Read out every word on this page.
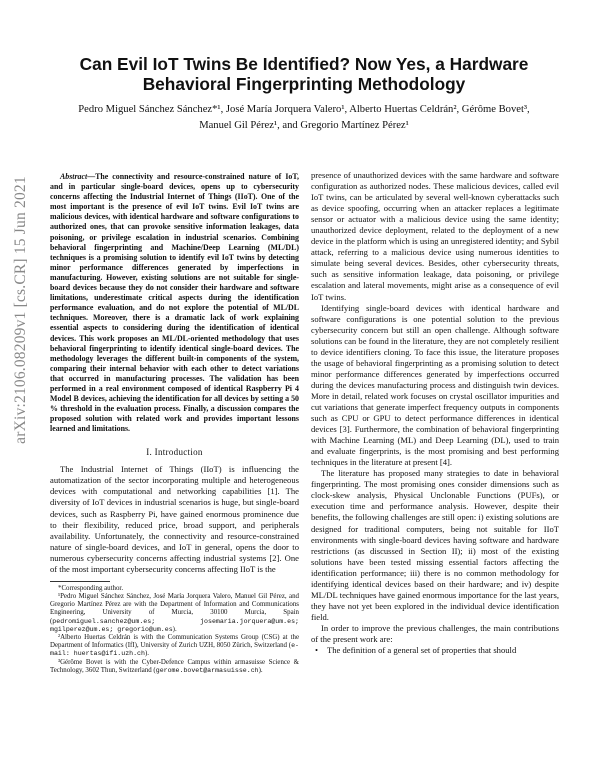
arXiv:2106.08209v1 [cs.CR] 15 Jun 2021
Can Evil IoT Twins Be Identified? Now Yes, a Hardware Behavioral Fingerprinting Methodology
Pedro Miguel Sánchez Sánchez*¹, José María Jorquera Valero¹, Alberto Huertas Celdrán², Gérôme Bovet³,
Manuel Gil Pérez¹, and Gregorio Martínez Pérez¹

Abstract—The connectivity and resource-constrained nature of IoT, and in particular single-board devices, opens up to cybersecurity concerns affecting the Industrial Internet of Things (IIoT). One of the most important is the presence of evil IoT twins. Evil IoT twins are malicious devices, with identical hardware and software configurations to authorized ones, that can provoke sensitive information leakages, data poisoning, or privilege escalation in industrial scenarios. Combining behavioral fingerprinting and Machine/Deep Learning (ML/DL) techniques is a promising solution to identify evil IoT twins by detecting minor performance differences generated by imperfections in manufacturing. However, existing solutions are not suitable for single-board devices because they do not consider their hardware and software limitations, underestimate critical aspects during the identification performance evaluation, and do not explore the potential of ML/DL techniques. Moreover, there is a dramatic lack of work explaining essential aspects to considering during the identification of identical devices. This work proposes an ML/DL-oriented methodology that uses behavioral fingerprinting to identify identical single-board devices. The methodology leverages the different built-in components of the system, comparing their internal behavior with each other to detect variations that occurred in manufacturing processes. The validation has been performed in a real environment composed of identical Raspberry Pi 4 Model B devices, achieving the identification for all devices by setting a 50 % threshold in the evaluation process. Finally, a discussion compares the proposed solution with related work and provides important lessons learned and limitations.

I. Introduction

The Industrial Internet of Things (IIoT) is influencing the automatization of the sector incorporating multiple and heterogeneous devices with computational and networking capabilities [1]. The diversity of IoT devices in industrial scenarios is huge, but single-board devices, such as Raspberry Pi, have gained enormous prominence due to their flexibility, reduced price, broad support, and peripherals availability. Unfortunately, the connectivity and resource-constrained nature of single-board devices, and IoT in general, opens the door to numerous cybersecurity concerns affecting industrial systems [2]. One of the most important cybersecurity concerns affecting IIoT is the

*Corresponding author.

¹Pedro Miguel Sánchez Sánchez, José María Jorquera Valero, Manuel Gil Pérez, and Gregorio Martínez Pérez are with the Department of Information and Communications Engineering, University of Murcia, 30100 Murcia, Spain (pedromiguel.sanchez@um.es; josemaria.jorquera@um.es; mgilperez@um.es; gregorio@um.es).

²Alberto Huertas Celdrán is with the Communication Systems Group (CSG) at the Department of Informatics (IfI), University of Zurich UZH, 8050 Zürich, Switzerland (e-mail: huertas@ifi.uzh.ch).

³Gérôme Bovet is with the Cyber-Defence Campus within armasuisse Science & Technology, 3602 Thun, Switzerland (gerome.bovet@armasuisse.ch).

presence of unauthorized devices with the same hardware and software configuration as authorized nodes. These malicious devices, called evil IoT twins, can be articulated by several well-known cyberattacks such as device spoofing, occurring when an attacker replaces a legitimate sensor or actuator with a malicious device using the same identity; unauthorized device deployment, related to the deployment of a new device in the platform which is using an unregistered identity; and Sybil attack, referring to a malicious device using numerous identities to simulate being several devices. Besides, other cybersecurity threats, such as sensitive information leakage, data poisoning, or privilege escalation and lateral movements, might arise as a consequence of evil IoT twins.

Identifying single-board devices with identical hardware and software configurations is one potential solution to the previous cybersecurity concern but still an open challenge. Although software solutions can be found in the literature, they are not completely resilient to device identifiers cloning. To face this issue, the literature proposes the usage of behavioral fingerprinting as a promising solution to detect minor performance differences generated by imperfections occurred during the devices manufacturing process and distinguish twin devices. More in detail, related work focuses on crystal oscillator impurities and cut variations that generate imperfect frequency outputs in components such as CPU or GPU to detect performance differences in identical devices [3]. Furthermore, the combination of behavioral fingerprinting with Machine Learning (ML) and Deep Learning (DL), used to train and evaluate fingerprints, is the most promising and best performing techniques in the literature at present [4].

The literature has proposed many strategies to date in behavioral fingerprinting. The most promising ones consider dimensions such as clock-skew analysis, Physical Unclonable Functions (PUFs), or execution time and performance analysis. However, despite their benefits, the following challenges are still open: i) existing solutions are designed for traditional computers, being not suitable for IIoT environments with single-board devices having software and hardware restrictions (as discussed in Section II); ii) most of the existing solutions have been tested missing essential factors affecting the identification performance; iii) there is no common methodology for identifying identical devices based on their hardware; and iv) despite ML/DL techniques have gained enormous importance for the last years, they have not yet been explored in the individual device identification field.

In order to improve the previous challenges, the main contributions of the present work are:

•	The definition of a general set of properties that should
